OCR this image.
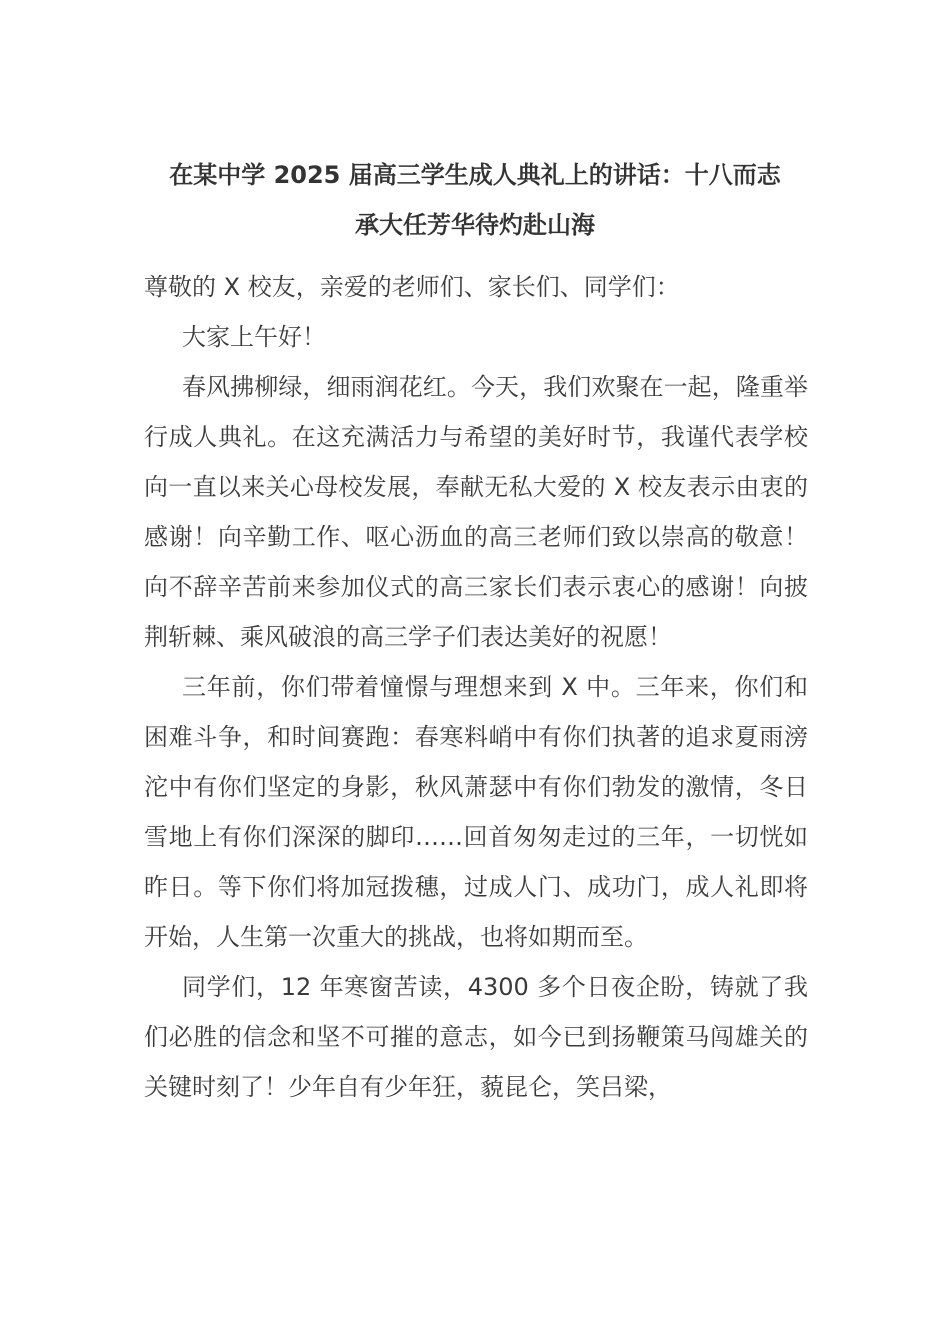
在某中学 2025 届高三学生成人典礼上的讲话：十八而志
承大任芳华待灼赴山海

尊敬的 X 校友，亲爱的老师们、家长们、同学们：

大家上午好！

春风拂柳绿，细雨润花红。今天，我们欢聚在一起，隆重举行成人典礼。在这充满活力与希望的美好时节，我谨代表学校向一直以来关心母校发展，奉献无私大爱的 X 校友表示由衷的感谢！向辛勤工作、呕心沥血的高三老师们致以崇高的敬意！向不辞辛苦前来参加仪式的高三家长们表示衷心的感谢！向披荆斩棘、乘风破浪的高三学子们表达美好的祝愿！

三年前，你们带着憧憬与理想来到 X 中。三年来，你们和困难斗争，和时间赛跑：春寒料峭中有你们执著的追求夏雨滂沱中有你们坚定的身影，秋风萧瑟中有你们勃发的激情，冬日雪地上有你们深深的脚印……回首匆匆走过的三年，一切恍如昨日。等下你们将加冠拨穗，过成人门、成功门，成人礼即将开始，人生第一次重大的挑战，也将如期而至。

同学们，12 年寒窗苦读，4300 多个日夜企盼，铸就了我们必胜的信念和坚不可摧的意志，如今已到扬鞭策马闯雄关的关键时刻了！少年自有少年狂，藐昆仑，笑吕梁，
